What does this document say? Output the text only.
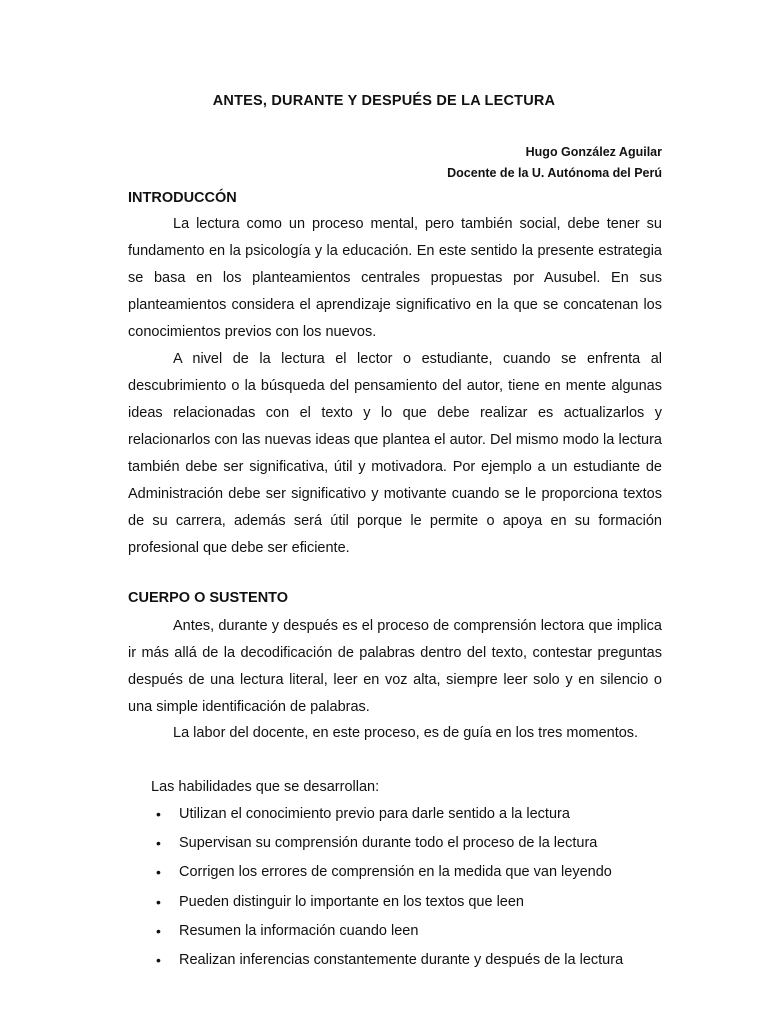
ANTES, DURANTE Y DESPUÉS DE LA LECTURA

Hugo González Aguilar

Docente de la U. Autónoma del Perú

INTRODUCCÓN

La lectura como un proceso mental, pero también social, debe tener su fundamento en la psicología y la educación. En este sentido la presente estrategia se basa en los planteamientos centrales propuestas por Ausubel. En sus planteamientos considera el aprendizaje significativo en la que se concatenan los conocimientos previos con los nuevos.

A nivel de la lectura el lector o estudiante, cuando se enfrenta al descubrimiento o la búsqueda del pensamiento del autor, tiene en mente algunas ideas relacionadas con el texto y lo que debe realizar es actualizarlos y relacionarlos con las nuevas ideas que plantea el autor. Del mismo modo la lectura también debe ser significativa, útil y motivadora. Por ejemplo a un estudiante de Administración debe ser significativo y motivante cuando se le proporciona textos de su carrera, además será útil porque le permite o apoya en su formación profesional que debe ser eficiente.

CUERPO O SUSTENTO

Antes, durante y después es el proceso de comprensión lectora que implica ir más allá de la decodificación de palabras dentro del texto, contestar preguntas después de una lectura literal, leer en voz alta, siempre leer solo y en silencio o una simple identificación de palabras.

La labor del docente, en este proceso, es de guía en los tres momentos.

Las habilidades que se desarrollan:

• Utilizan el conocimiento previo para darle sentido a la lectura
• Supervisan su comprensión durante todo el proceso de la lectura
• Corrigen los errores de comprensión en la medida que van leyendo
• Pueden distinguir lo importante en los textos que leen
• Resumen la información cuando leen
• Realizan inferencias constantemente durante y después de la lectura
